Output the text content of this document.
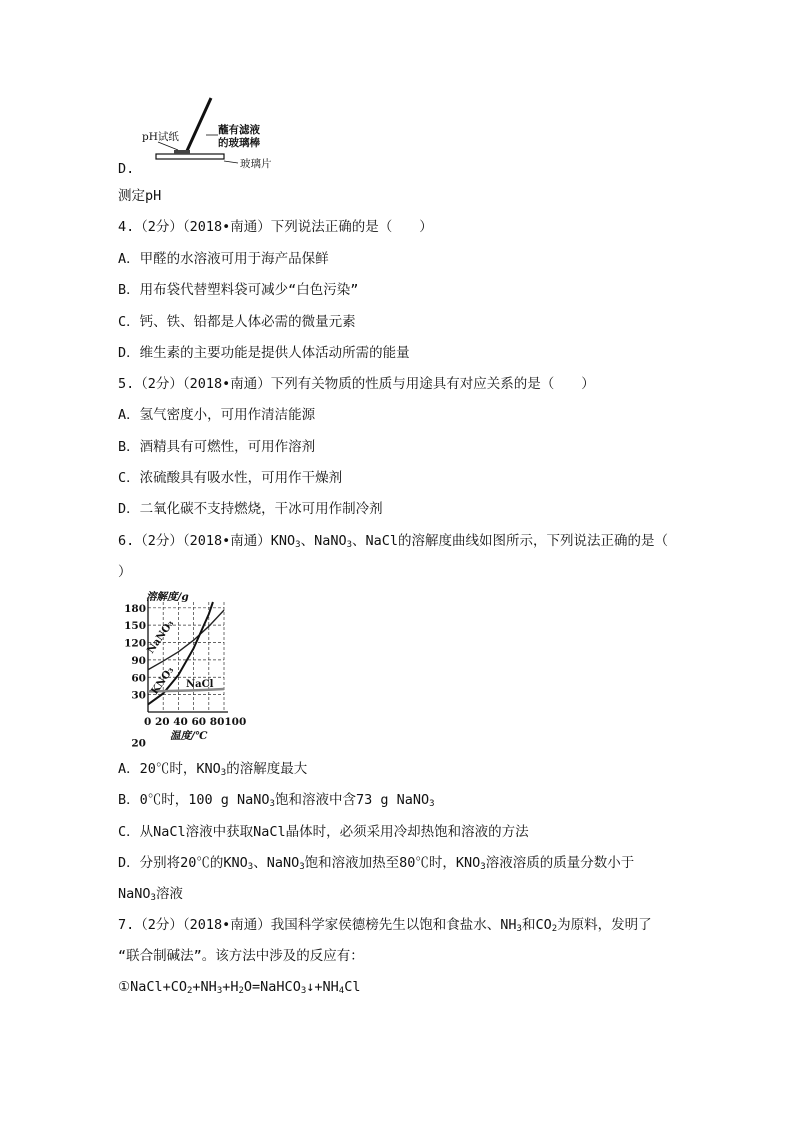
pH试纸
蘸有滤液
的玻璃棒
玻璃片
D.
测定pH
4.（2分）（2018•南通）下列说法正确的是（　　）
A．甲醛的水溶液可用于海产品保鲜
B．用布袋代替塑料袋可减少“白色污染”
C．钙、铁、铅都是人体必需的微量元素
D．维生素的主要功能是提供人体活动所需的能量
5.（2分）（2018•南通）下列有关物质的性质与用途具有对应关系的是（　　）
A．氢气密度小，可用作清洁能源
B．酒精具有可燃性，可用作溶剂
C．浓硫酸具有吸水性，可用作干燥剂
D．二氧化碳不支持燃烧，干冰可用作制冷剂
6.（2分）（2018•南通）$KNO_3$、NaNO$_3$、NaCl的溶解度曲线如图所示，下列说法正确的是（
）
180
150
120
90
60
30
20
0 20 40 60 80100
温度/℃
溶解度/g
NaNO₃
KNO₃ NaCl
A．20℃时，$KNO_3$的溶解度最大
B．0℃时，100 g NaNO$_3$饱和溶液中含73 g NaNO$_3$
C．从NaCl溶液中获取NaCl晶体时，必须采用冷却热饱和溶液的方法
D．分别将20℃的$KNO_3$、NaNO$_3$饱和溶液加热至80℃时，$KNO_3$溶液溶质的质量分数小于
NaNO$_3$溶液
7.（2分）（2018•南通）我国科学家侯德榜先生以饱和食盐水、$NH_3$和$CO_2$为原料，发明了
“联合制碱法”。该方法中涉及的反应有：
$①NaCl+CO_2+NH_3+H_2O=NaHCO_3↓+NH_4Cl$
